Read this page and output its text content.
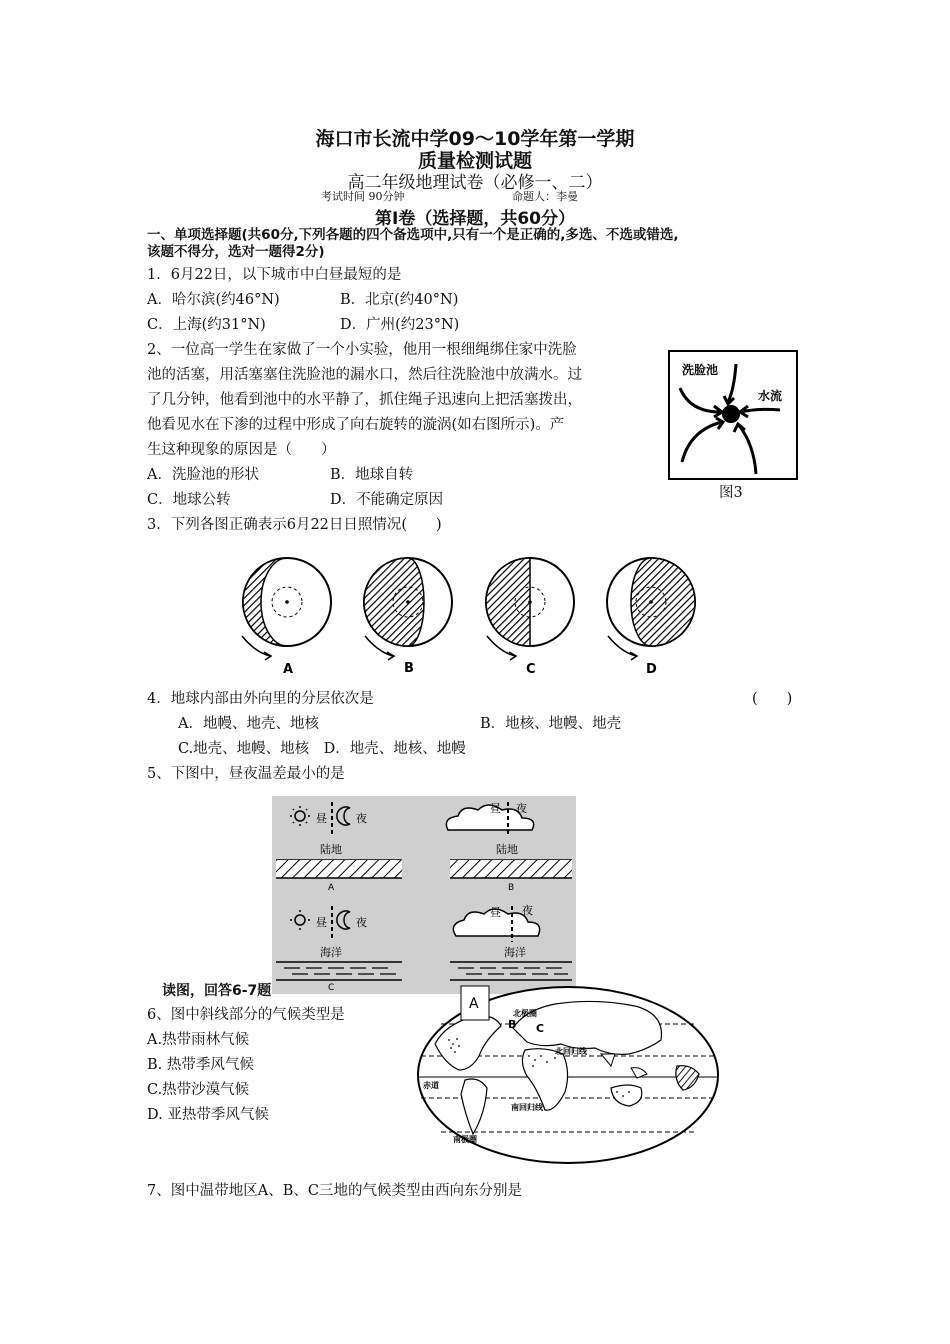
海口市长流中学09～10学年第一学期
质量检测试题
高二年级地理试卷（必修一、二）
考试时间 90分钟	命题人：李曼
第Ⅰ卷（选择题，共60分）
一、单项选择题(共60分,下列各题的四个备选项中,只有一个是正确的,多选、不选或错选,
该题不得分，选对一题得2分)
1．6月22日，以下城市中白昼最短的是
A．哈尔滨(约46°N)	B．北京(约40°N)
C．上海(约31°N)	D．广州(约23°N)
2、一位高一学生在家做了一个小实验，他用一根细绳绑住家中洗脸
池的活塞，用活塞塞住洗脸池的漏水口，然后往洗脸池中放满水。过
了几分钟，他看到池中的水平静了，抓住绳子迅速向上把活塞拨出，
他看见水在下渗的过程中形成了向右旋转的漩涡(如右图所示)。产
生这种现象的原因是（　　）
A．洗脸池的形状	B．地球自转
C．地球公转	D．不能确定原因
洗脸池
水流
图3
3．下列各图正确表示6月22日日照情况(　　)
A	B	C	D
4．地球内部由外向里的分层依次是	(　　)
A．地幔、地壳、地核	B．地核、地幔、地壳
C.地壳、地幔、地核　D．地壳、地核、地幔
5、下图中，昼夜温差最小的是
昼	夜
陆地
A
昼 夜
陆地
B
昼	夜
海洋
C
昼 夜
海洋
读图，回答6-7题
6、图中斜线部分的气候类型是
A.热带雨林气候
B. 热带季风气候
C.热带沙漠气候
D. 亚热带季风气候
A
B C
北极圈
北回归线
赤道
南回归线
南极圈
7、图中温带地区A、B、C三地的气候类型由西向东分别是
